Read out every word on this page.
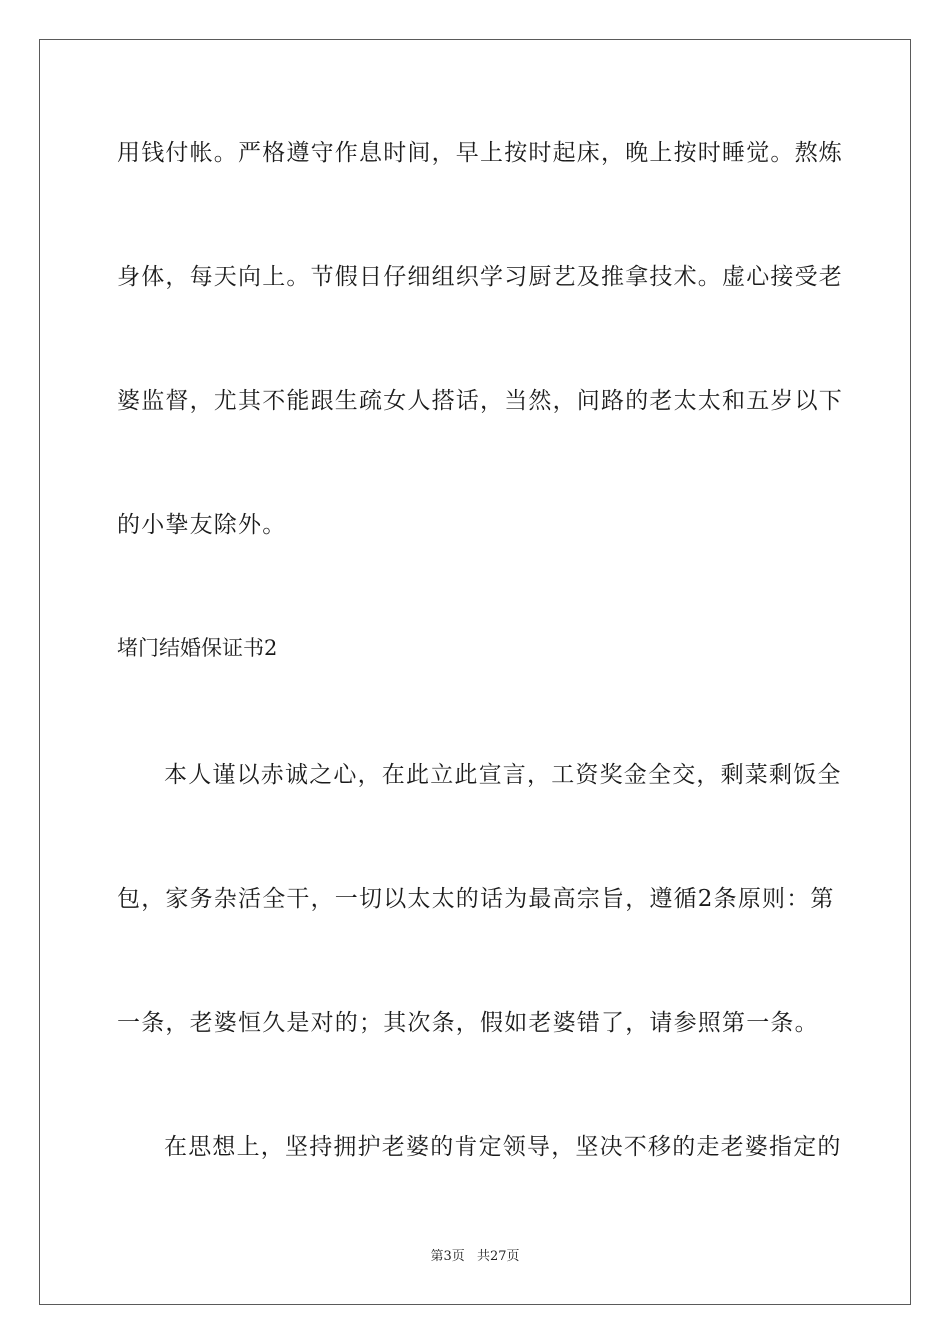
用钱付帐。严格遵守作息时间，早上按时起床，晚上按时睡觉。熬炼
身体，每天向上。节假日仔细组织学习厨艺及推拿技术。虚心接受老
婆监督，尤其不能跟生疏女人搭话，当然，问路的老太太和五岁以下
的小挚友除外。
堵门结婚保证书2
本人谨以赤诚之心，在此立此宣言，工资奖金全交，剩菜剩饭全
包，家务杂活全干，一切以太太的话为最高宗旨，遵循2条原则：第
一条，老婆恒久是对的；其次条，假如老婆错了，请参照第一条。
在思想上，坚持拥护老婆的肯定领导，坚决不移的走老婆指定的
第3页 共27页
